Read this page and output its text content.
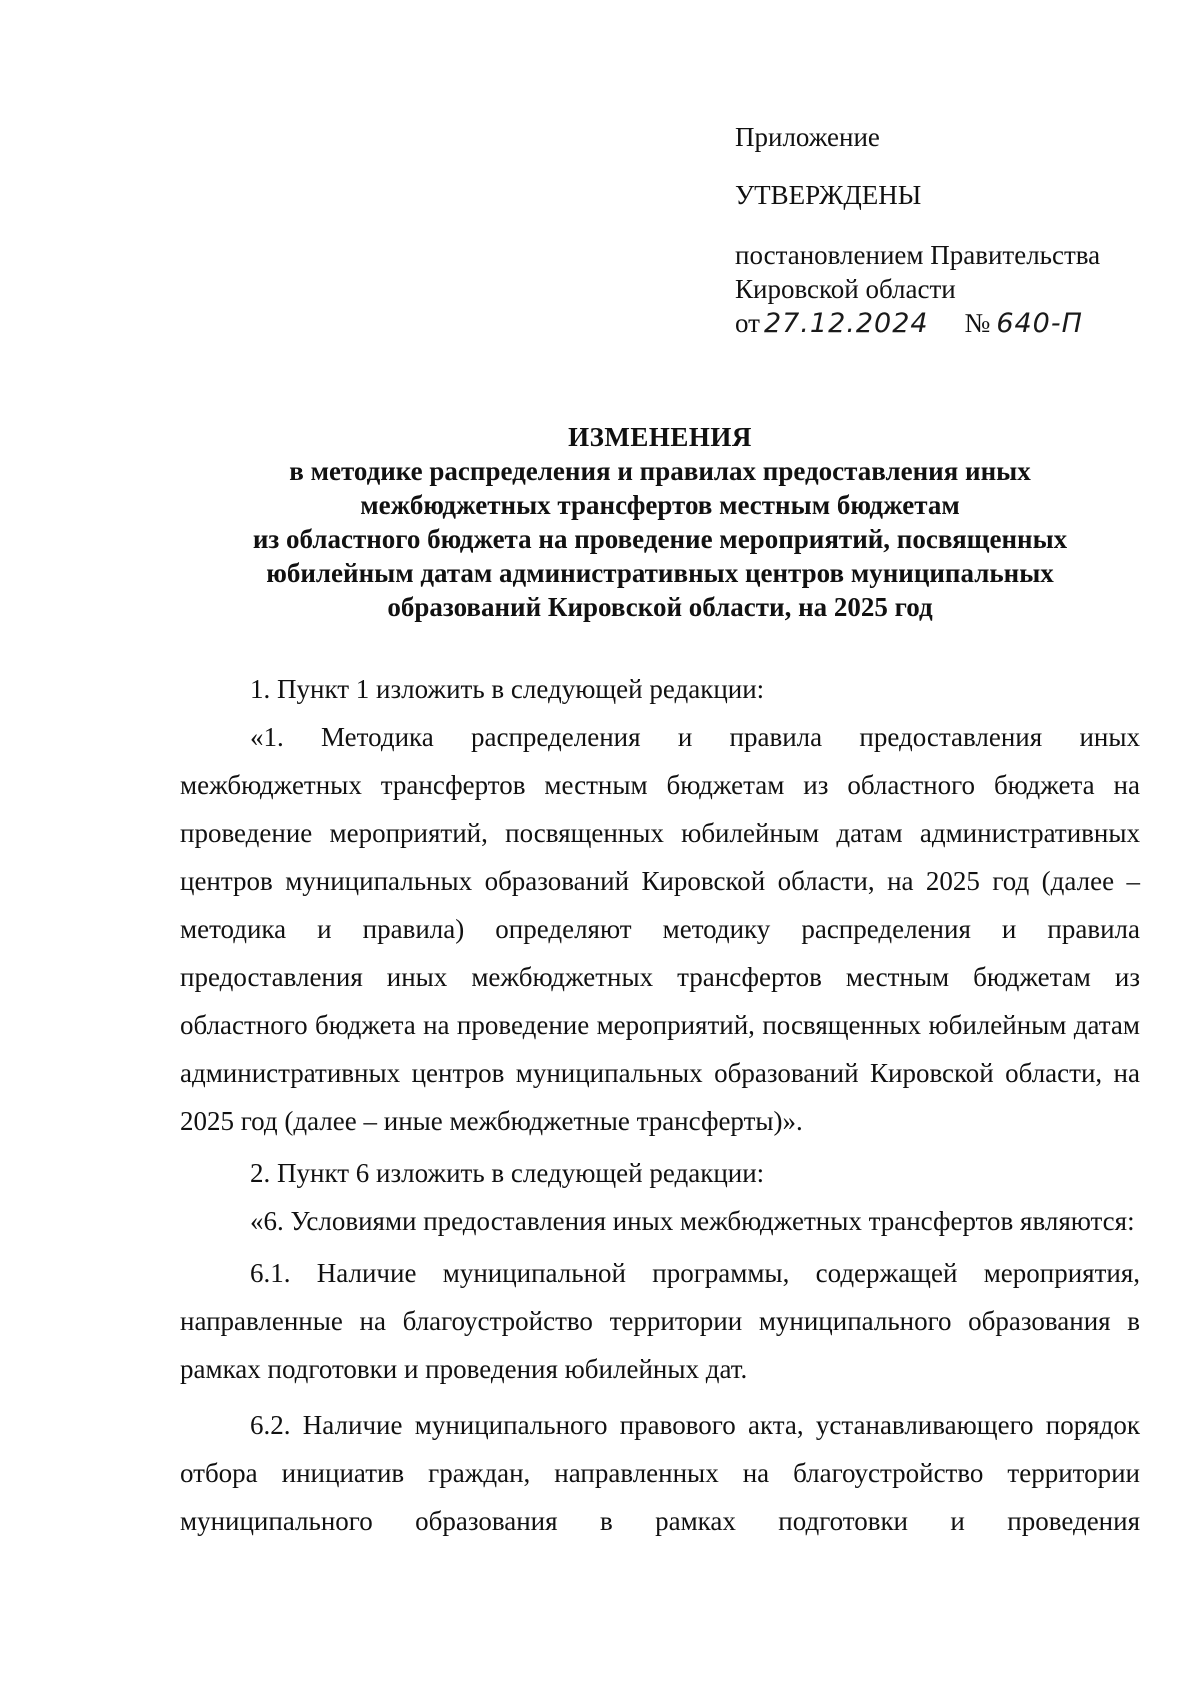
Приложение
УТВЕРЖДЕНЫ
постановлением Правительства
Кировской области
от 27.12.2024 № 640-П
ИЗМЕНЕНИЯ
в методике распределения и правилах предоставления иных
межбюджетных трансфертов местным бюджетам
из областного бюджета на проведение мероприятий, посвященных
юбилейным датам административных центров муниципальных
образований Кировской области, на 2025 год

1. Пункт 1 изложить в следующей редакции:

«1. Методика распределения и правила предоставления иных межбюджетных трансфертов местным бюджетам из областного бюджета на проведение мероприятий, посвященных юбилейным датам административных центров муниципальных образований Кировской области, на 2025 год (далее – методика и правила) определяют методику распределения и правила предоставления иных межбюджетных трансфертов местным бюджетам из областного бюджета на проведение мероприятий, посвященных юбилейным датам административных центров муниципальных образований Кировской области, на 2025 год (далее – иные межбюджетные трансферты)».

2. Пункт 6 изложить в следующей редакции:

«6. Условиями предоставления иных межбюджетных трансфертов являются:

6.1. Наличие муниципальной программы, содержащей мероприятия, направленные на благоустройство территории муниципального образования в рамках подготовки и проведения юбилейных дат.

6.2. Наличие муниципального правового акта, устанавливающего порядок отбора инициатив граждан, направленных на благоустройство территории муниципального образования в рамках подготовки и проведения
